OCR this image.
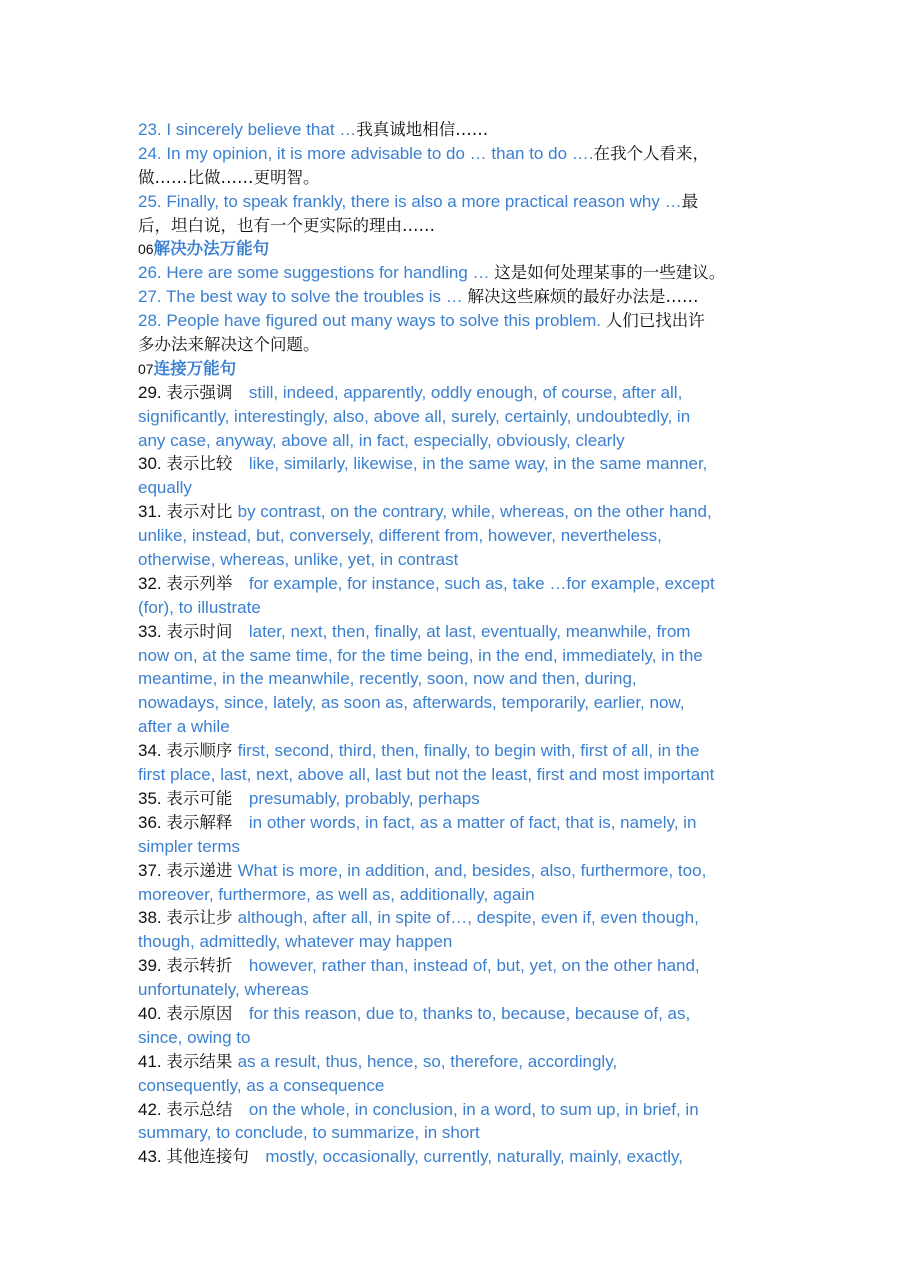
23. I sincerely believe that …我真诚地相信……
24. In my opinion, it is more advisable to do … than to do ….在我个人看来，
做……比做……更明智。
25. Finally, to speak frankly, there is also a more practical reason why …最
后，坦白说，也有一个更实际的理由……
06解决办法万能句
26. Here are some suggestions for handling … 这是如何处理某事的一些建议。
27. The best way to solve the troubles is … 解决这些麻烦的最好办法是……
28. People have figured out many ways to solve this problem. 人们已找出许
多办法来解决这个问题。
07连接万能句
29. 表示强调　still, indeed, apparently, oddly enough, of course, after all,
significantly, interestingly, also, above all, surely, certainly, undoubtedly, in
any case, anyway, above all, in fact, especially, obviously, clearly
30. 表示比较　like, similarly, likewise, in the same way, in the same manner,
equally
31. 表示对比 by contrast, on the contrary, while, whereas, on the other hand,
unlike, instead, but, conversely, different from, however, nevertheless,
otherwise, whereas, unlike, yet, in contrast
32. 表示列举　for example, for instance, such as, take …for example, except
(for), to illustrate
33. 表示时间　later, next, then, finally, at last, eventually, meanwhile, from
now on, at the same time, for the time being, in the end, immediately, in the
meantime, in the meanwhile, recently, soon, now and then, during,
nowadays, since, lately, as soon as, afterwards, temporarily, earlier, now,
after a while
34. 表示顺序 first, second, third, then, finally, to begin with, first of all, in the
first place, last, next, above all, last but not the least, first and most important
35. 表示可能　presumably, probably, perhaps
36. 表示解释　in other words, in fact, as a matter of fact, that is, namely, in
simpler terms
37. 表示递进 What is more, in addition, and, besides, also, furthermore, too,
moreover, furthermore, as well as, additionally, again
38. 表示让步 although, after all, in spite of…, despite, even if, even though,
though, admittedly, whatever may happen
39. 表示转折　however, rather than, instead of, but, yet, on the other hand,
unfortunately, whereas
40. 表示原因　for this reason, due to, thanks to, because, because of, as,
since, owing to
41. 表示结果 as a result, thus, hence, so, therefore, accordingly,
consequently, as a consequence
42. 表示总结　on the whole, in conclusion, in a word, to sum up, in brief, in
summary, to conclude, to summarize, in short
43. 其他连接句　mostly, occasionally, currently, naturally, mainly, exactly,
